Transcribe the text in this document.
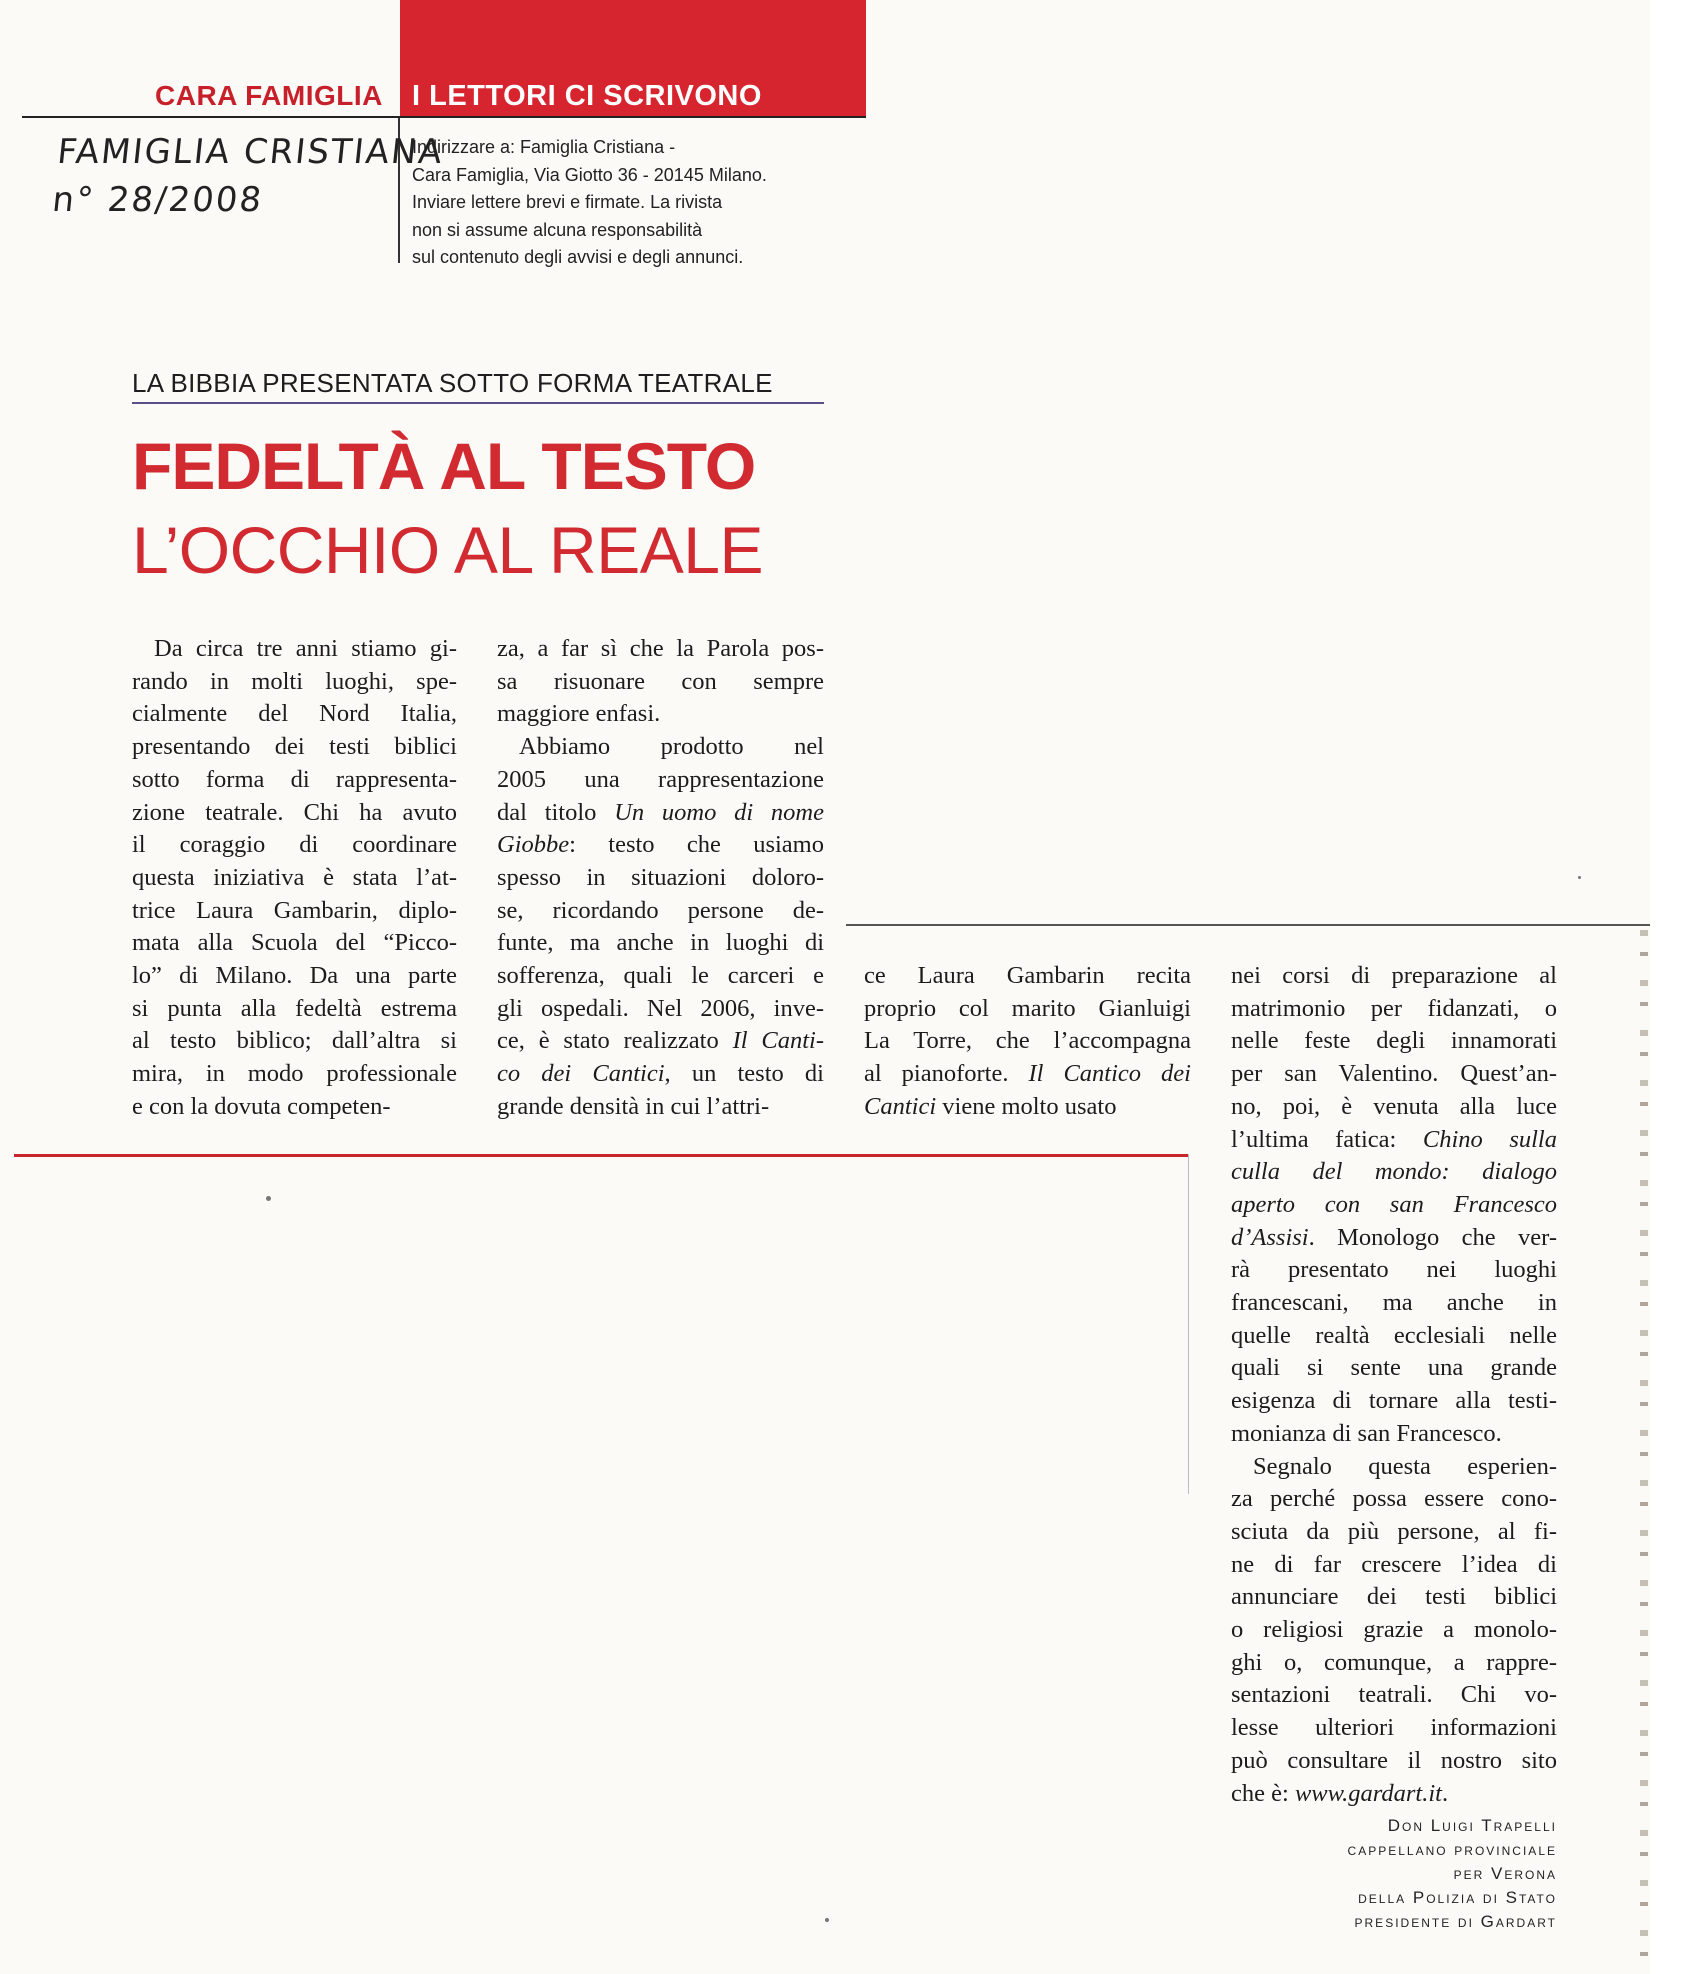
CARA FAMIGLIA I LETTORI CI SCRIVONO
FAMIGLIA CRISTIANA
n° 28/2008
Indirizzare a: Famiglia Cristiana -
Cara Famiglia, Via Giotto 36 - 20145 Milano.
Inviare lettere brevi e firmate. La rivista
non si assume alcuna responsabilità
sul contenuto degli avvisi e degli annunci.
LA BIBBIA PRESENTATA SOTTO FORMA TEATRALE
FEDELTÀ AL TESTO
L’OCCHIO AL REALE
Da circa tre anni stiamo gi-
rando in molti luoghi, spe-
cialmente del Nord Italia,
presentando dei testi biblici
sotto forma di rappresenta-
zione teatrale. Chi ha avuto
il coraggio di coordinare
questa iniziativa è stata l’at-
trice Laura Gambarin, diplo-
mata alla Scuola del “Picco-
lo” di Milano. Da una parte
si punta alla fedeltà estrema
al testo biblico; dall’altra si
mira, in modo professionale
e con la dovuta competen-
za, a far sì che la Parola pos-
sa risuonare con sempre
maggiore enfasi.
Abbiamo prodotto nel
2005 una rappresentazione
dal titolo Un uomo di nome
Giobbe: testo che usiamo
spesso in situazioni doloro-
se, ricordando persone de-
funte, ma anche in luoghi di
sofferenza, quali le carceri e
gli ospedali. Nel 2006, inve-
ce, è stato realizzato Il Canti-
co dei Cantici, un testo di
grande densità in cui l’attri-
ce Laura Gambarin recita
proprio col marito Gianluigi
La Torre, che l’accompagna
al pianoforte. Il Cantico dei
Cantici viene molto usato
nei corsi di preparazione al
matrimonio per fidanzati, o
nelle feste degli innamorati
per san Valentino. Quest’an-
no, poi, è venuta alla luce
l’ultima fatica: Chino sulla
culla del mondo: dialogo
aperto con san Francesco
d’Assisi. Monologo che ver-
rà presentato nei luoghi
francescani, ma anche in
quelle realtà ecclesiali nelle
quali si sente una grande
esigenza di tornare alla testi-
monianza di san Francesco.
Segnalo questa esperien-
za perché possa essere cono-
sciuta da più persone, al fi-
ne di far crescere l’idea di
annunciare dei testi biblici
o religiosi grazie a monolo-
ghi o, comunque, a rappre-
sentazioni teatrali. Chi vo-
lesse ulteriori informazioni
può consultare il nostro sito
che è: www.gardart.it.
Don Luigi Trapelli
cappellano provinciale
per Verona
della Polizia di Stato
presidente di Gardart
